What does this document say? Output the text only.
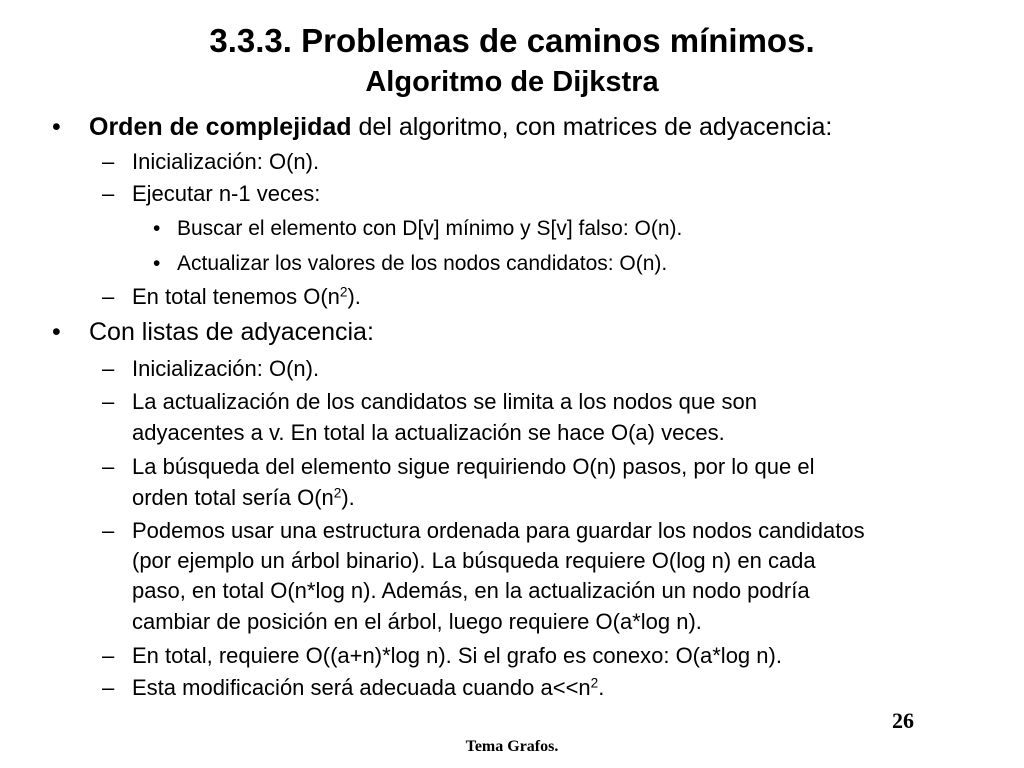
3.3.3. Problemas de caminos mínimos.
Algoritmo de Dijkstra
• Orden de complejidad del algoritmo, con matrices de adyacencia:
– Inicialización: O(n).
– Ejecutar n-1 veces:
• Buscar el elemento con D[v] mínimo y S[v] falso: O(n).
• Actualizar los valores de los nodos candidatos: O(n).
– En total tenemos $O(n^2)$.
• Con listas de adyacencia:
– Inicialización: O(n).
– La actualización de los candidatos se limita a los nodos que son
adyacentes a v. En total la actualización se hace O(a) veces.
– La búsqueda del elemento sigue requiriendo O(n) pasos, por lo que el
orden total sería $O(n^2)$.
– Podemos usar una estructura ordenada para guardar los nodos candidatos
(por ejemplo un árbol binario). La búsqueda requiere O(log n) en cada
paso, en total O(n*log n). Además, en la actualización un nodo podría
cambiar de posición en el árbol, luego requiere O(a*log n).
– En total, requiere O((a+n)*log n). Si el grafo es conexo: O(a*log n).
– Esta modificación será adecuada cuando $a<<n^2$.
26
Tema Grafos.
